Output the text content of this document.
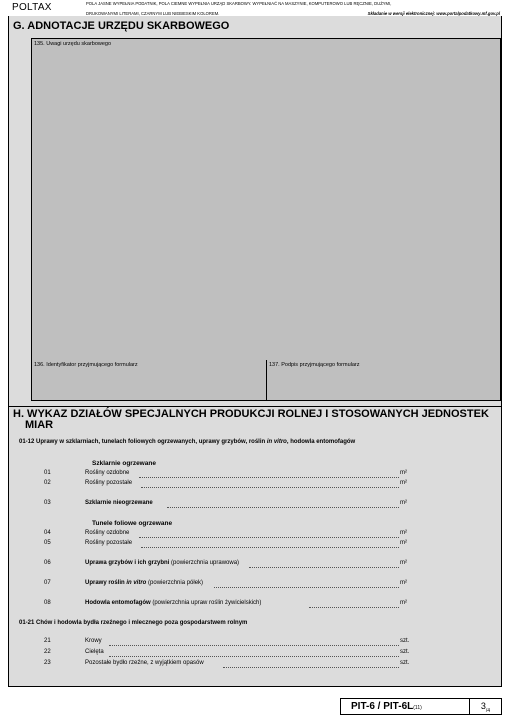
POLTAX	POLA JASNE WYPEŁNIA PODATNIK, POLA CIEMNE WYPEŁNIA URZĄD SKARBOWY. WYPEŁNIAĆ NA MASZYNIE, KOMPUTEROWO LUB RĘCZNIE, DUŻYMI,
DRUKOWANYMI LITERAMI, CZARNYM LUB NIEBIESKIM KOLOREM.	Składanie w wersji elektronicznej: www.portalpodatkowy.mf.gov.pl
G. ADNOTACJE URZĘDU SKARBOWEGO
135. Uwagi urzędu skarbowego
136. Identyfikator przyjmującego formularz	137. Podpis przyjmującego formularz
H. WYKAZ DZIAŁÓW SPECJALNYCH PRODUKCJI ROLNEJ I STOSOWANYCH JEDNOSTEK
MIAR
01-12 Uprawy w szklarniach, tunelach foliowych ogrzewanych, uprawy grzybów, roślin in vitro, hodowla entomofagów
Szklarnie ogrzewane
01	Rośliny ozdobne	m²
02	Rośliny pozostałe	m²
03	Szklarnie nieogrzewane	m²
Tunele foliowe ogrzewane
04	Rośliny ozdobne	m²
05	Rośliny pozostałe	m²
06	Uprawa grzybów i ich grzybni (powierzchnia uprawowa)	m²
07	Uprawy roślin in vitro (powierzchnia półek)	m²
08	Hodowla entomofagów (powierzchnia upraw roślin żywicielskich)	m²
01-21 Chów i hodowla bydła rzeźnego i mlecznego poza gospodarstwem rolnym
21	Krowy	szt.
22	Cielęta	szt.
23	Pozostałe bydło rzeźne, z wyjątkiem opasów	szt.
PIT-6 / PIT-6L(11)	$3_{/4}$
